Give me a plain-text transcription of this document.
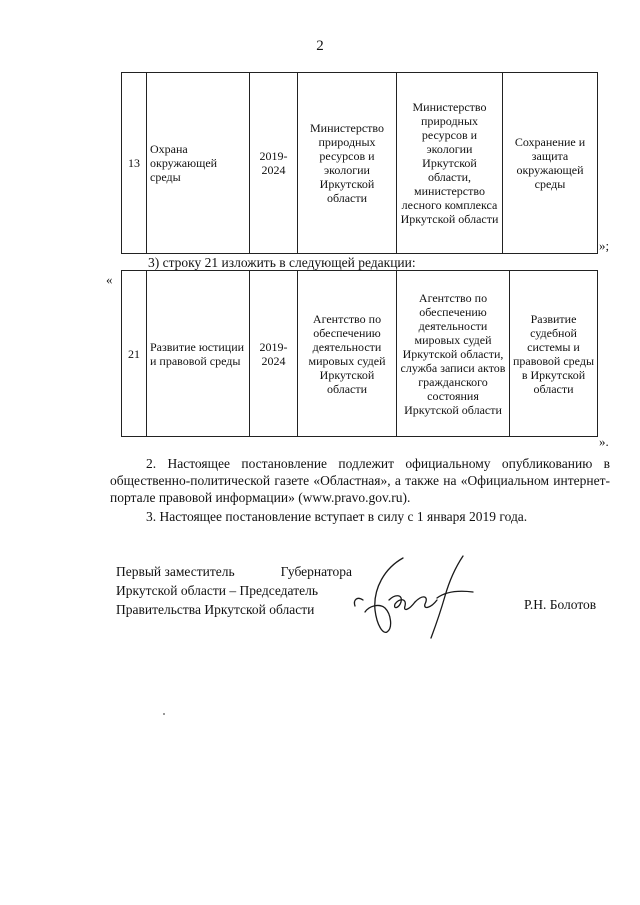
2
13	Охрана окружающей среды	2019- 2024	Министерство природных ресурсов и экологии Иркутской области	Министерство природных ресурсов и экологии Иркутской области, министерство лесного комплекса Иркутской области	Сохранение и защита окружающей среды
»;
3) строку 21 изложить в следующей редакции:
«
21	Развитие юстиции и правовой среды	2019- 2024	Агентство по обеспечению деятельности мировых судей Иркутской области	Агентство по обеспечению деятельности мировых судей Иркутской области, служба записи актов гражданского состояния Иркутской области	Развитие судебной системы и правовой среды в Иркутской области
».
2. Настоящее постановление подлежит официальному опубликованию в общественно-политической газете «Областная», а также на «Официальном интернет-портале правовой информации» (www.pravo.gov.ru).
3. Настоящее постановление вступает в силу с 1 января 2019 года.
Первый заместитель	Губернатора
Иркутской области – Председатель
Правительства Иркутской области	Р.Н. Болотов
